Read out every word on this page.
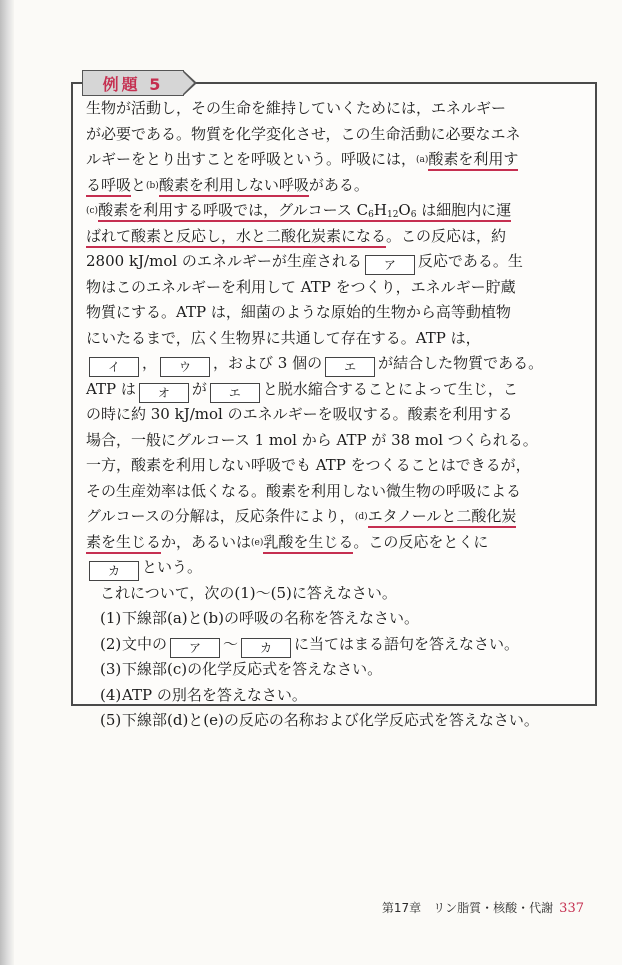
例題 5
生物が活動し，その生命を維持していくためには，エネルギー
が必要である。物質を化学変化させ，この生命活動に必要なエネ
ルギーをとり出すことを呼吸という。呼吸には，(a)酸素を利用す
る呼吸と(b)酸素を利用しない呼吸がある。
(c)酸素を利用する呼吸では，グルコース $C_6H_{12}O_6$ は細胞内に運
ばれて酸素と反応し，水と二酸化炭素になる。この反応は，約
2800 kJ/mol のエネルギーが生産される ア 反応である。生
物はこのエネルギーを利用して ATP をつくり，エネルギー貯蔵
物質にする。ATP は，細菌のような原始的生物から高等動植物
にいたるまで，広く生物界に共通して存在する。ATP は，
イ ， ウ ，および 3 個の エ が結合した物質である。
ATP は オ が エ と脱水縮合することによって生じ，こ
の時に約 30 kJ/mol のエネルギーを吸収する。酸素を利用する
場合，一般にグルコース 1 mol から ATP が 38 mol つくられる。
一方，酸素を利用しない呼吸でも ATP をつくることはできるが，
その生産効率は低くなる。酸素を利用しない微生物の呼吸による
グルコースの分解は，反応条件により，(d)エタノールと二酸化炭
素を生じるか，あるいは(e)乳酸を生じる。この反応をとくに
カ という。
これについて，次の(1)～(5)に答えなさい。
(1) 下線部(a)と(b)の呼吸の名称を答えなさい。
(2) 文中の ア ～ カ に当てはまる語句を答えなさい。
(3) 下線部(c)の化学反応式を答えなさい。
(4) ATP の別名を答えなさい。
(5) 下線部(d)と(e)の反応の名称および化学反応式を答えなさい。
第17章　リン脂質・核酸・代謝 337
